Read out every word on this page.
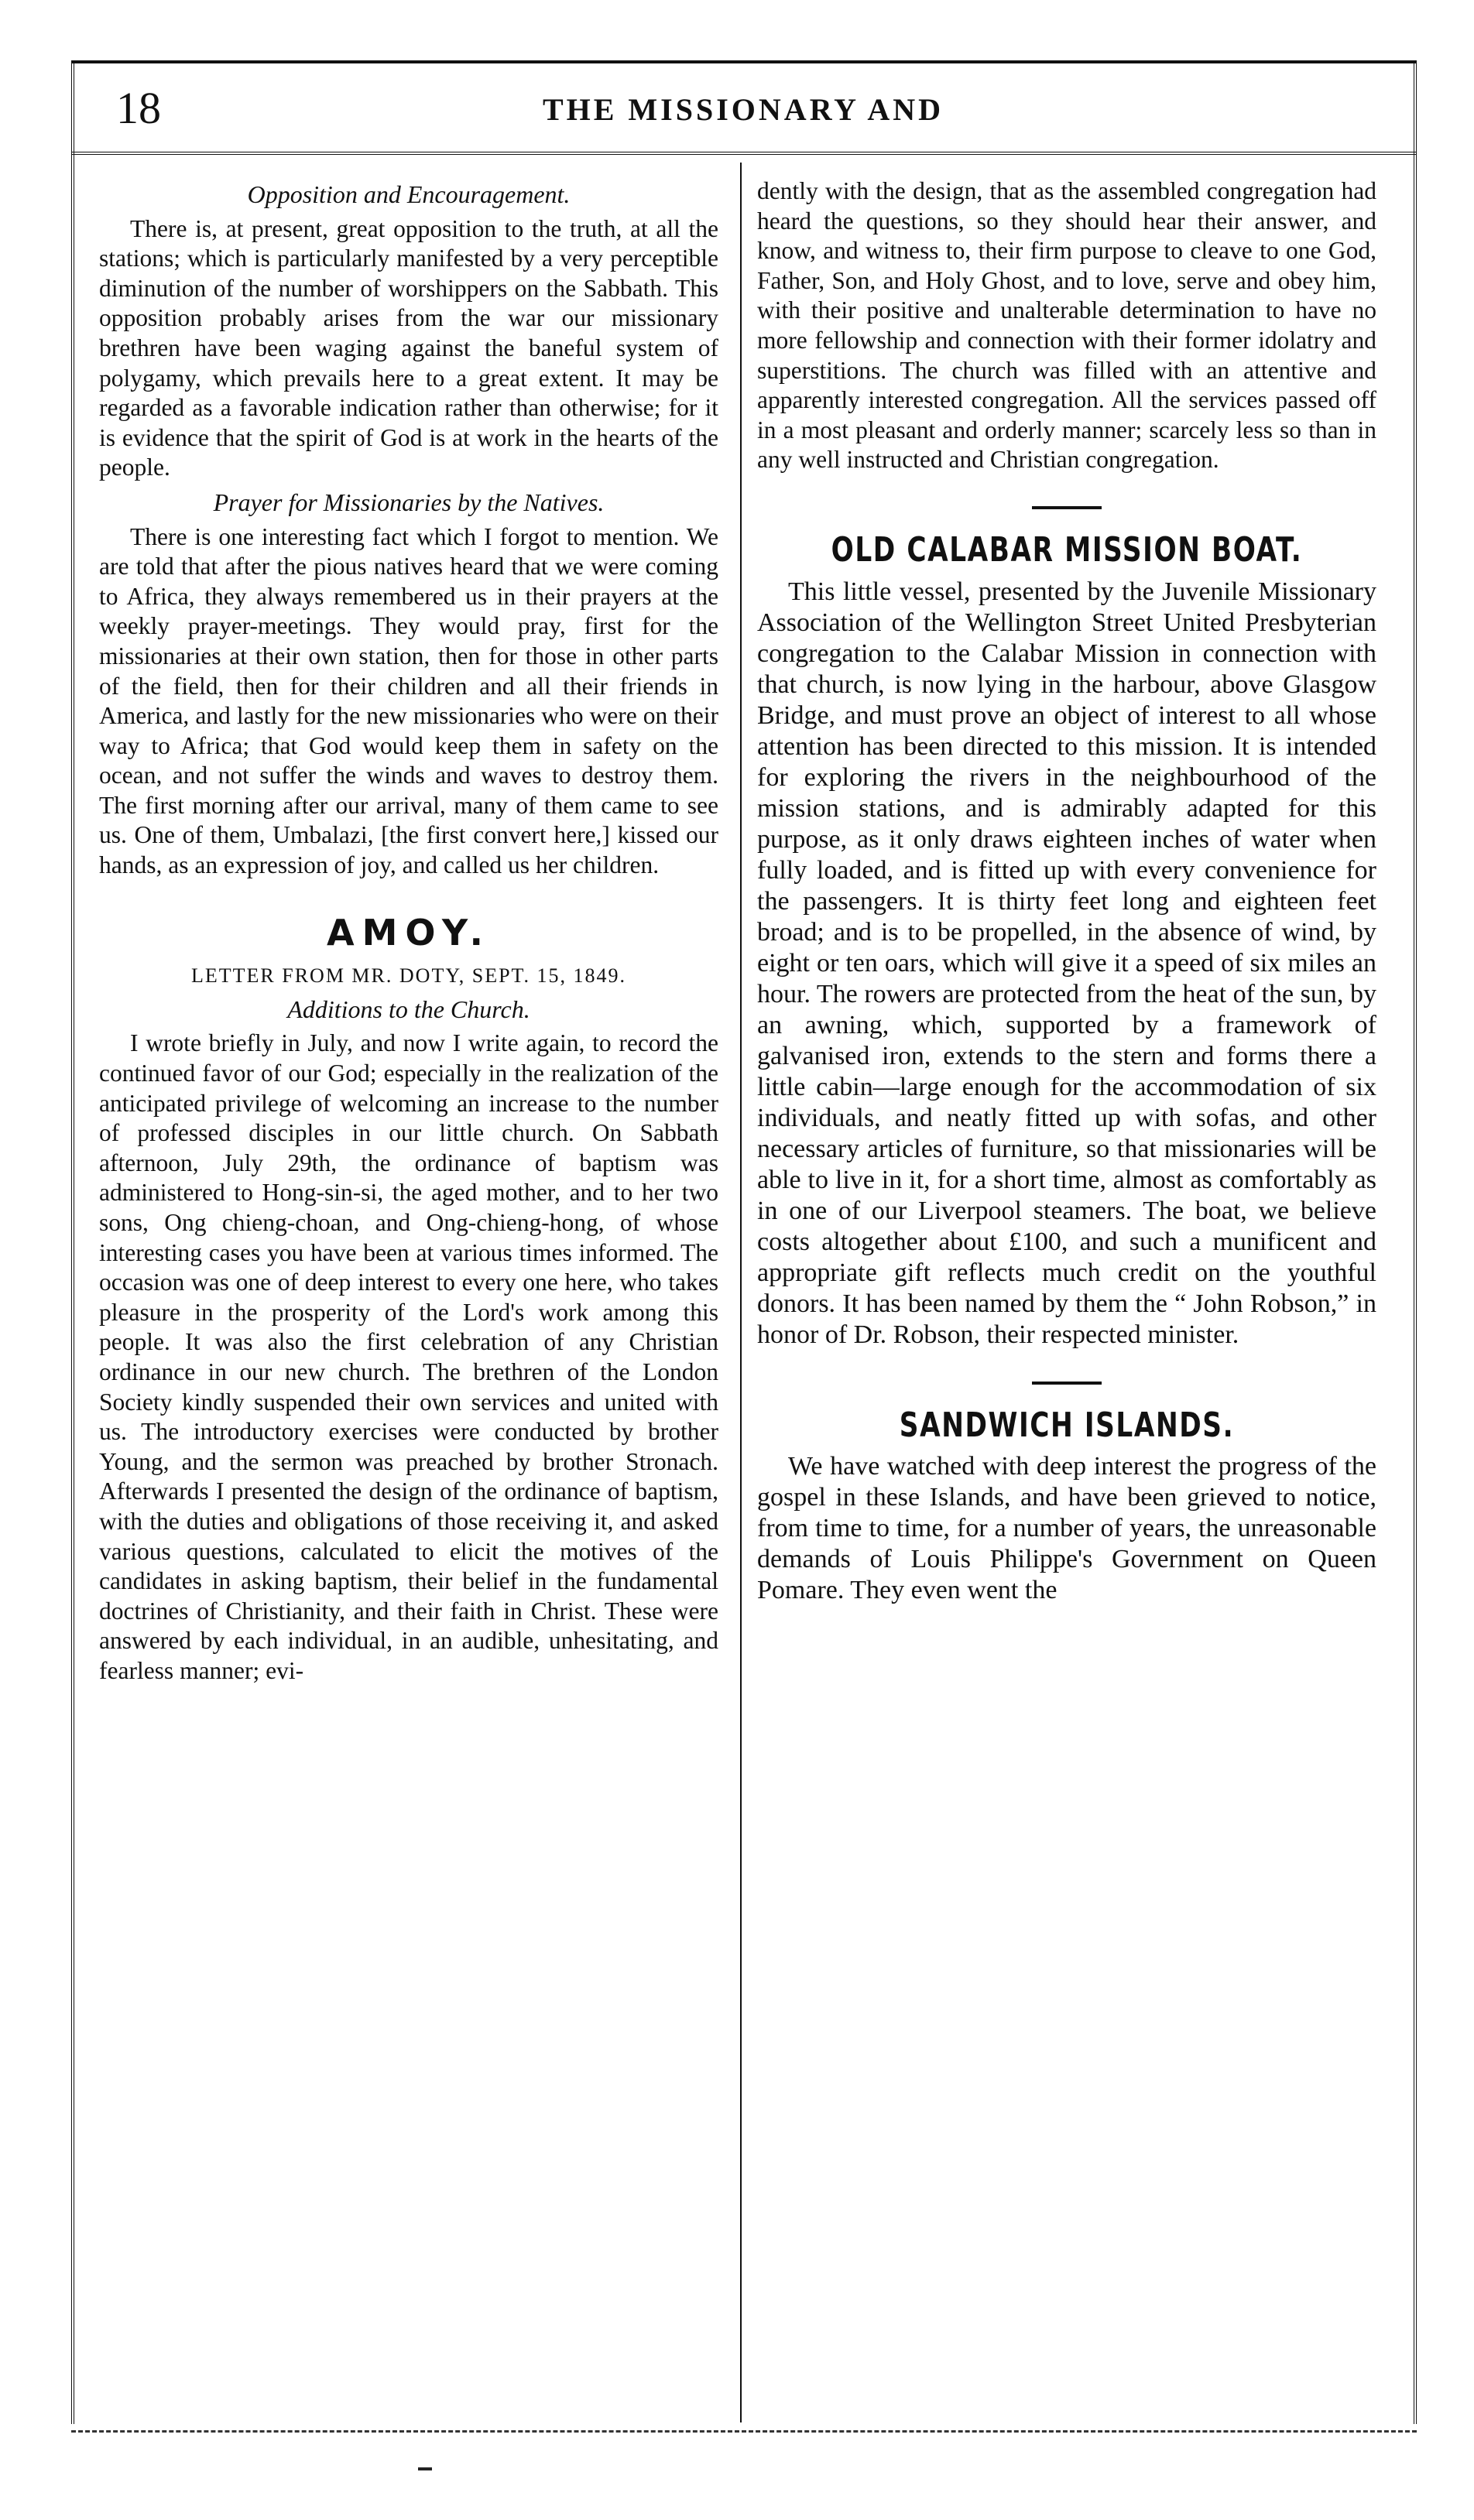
18	THE MISSIONARY AND
Opposition and Encouragement.

There is, at present, great opposition to the truth, at all the stations; which is particularly manifested by a very perceptible diminution of the number of worshippers on the Sabbath. This opposition probably arises from the war our missionary brethren have been waging against the baneful system of polygamy, which prevails here to a great extent. It may be regarded as a favorable indication rather than otherwise; for it is evidence that the spirit of God is at work in the hearts of the people.

Prayer for Missionaries by the Natives.

There is one interesting fact which I forgot to mention. We are told that after the pious natives heard that we were coming to Africa, they always remembered us in their prayers at the weekly prayer-meetings. They would pray, first for the missionaries at their own station, then for those in other parts of the field, then for their children and all their friends in America, and lastly for the new missionaries who were on their way to Africa; that God would keep them in safety on the ocean, and not suffer the winds and waves to destroy them. The first morning after our arrival, many of them came to see us. One of them, Umbalazi, [the first convert here,] kissed our hands, as an expression of joy, and called us her children.

AMOY.
LETTER FROM MR. DOTY, SEPT. 15, 1849.
Additions to the Church.

I wrote briefly in July, and now I write again, to record the continued favor of our God; especially in the realization of the anticipated privilege of welcoming an increase to the number of professed disciples in our little church. On Sabbath afternoon, July 29th, the ordinance of baptism was administered to Hong-sin-si, the aged mother, and to her two sons, Ong chieng-choan, and Ong-chieng-hong, of whose interesting cases you have been at various times informed. The occasion was one of deep interest to every one here, who takes pleasure in the prosperity of the Lord's work among this people. It was also the first celebration of any Christian ordinance in our new church. The brethren of the London Society kindly suspended their own services and united with us. The introductory exercises were conducted by brother Young, and the sermon was preached by brother Stronach. Afterwards I presented the design of the ordinance of baptism, with the duties and obligations of those receiving it, and asked various questions, calculated to elicit the motives of the candidates in asking baptism, their belief in the fundamental doctrines of Christianity, and their faith in Christ. These were answered by each individual, in an audible, unhesitating, and fearless manner; evi-

dently with the design, that as the assembled congregation had heard the questions, so they should hear their answer, and know, and witness to, their firm purpose to cleave to one God, Father, Son, and Holy Ghost, and to love, serve and obey him, with their positive and unalterable determination to have no more fellowship and connection with their former idolatry and superstitions. The church was filled with an attentive and apparently interested congregation. All the services passed off in a most pleasant and orderly manner; scarcely less so than in any well instructed and Christian congregation.

OLD CALABAR MISSION BOAT.

This little vessel, presented by the Juvenile Missionary Association of the Wellington Street United Presbyterian congregation to the Calabar Mission in connection with that church, is now lying in the harbour, above Glasgow Bridge, and must prove an object of interest to all whose attention has been directed to this mission. It is intended for exploring the rivers in the neighbourhood of the mission stations, and is admirably adapted for this purpose, as it only draws eighteen inches of water when fully loaded, and is fitted up with every convenience for the passengers. It is thirty feet long and eighteen feet broad; and is to be propelled, in the absence of wind, by eight or ten oars, which will give it a speed of six miles an hour. The rowers are protected from the heat of the sun, by an awning, which, supported by a framework of galvanised iron, extends to the stern and forms there a little cabin—large enough for the accommodation of six individuals, and neatly fitted up with sofas, and other necessary articles of furniture, so that missionaries will be able to live in it, for a short time, almost as comfortably as in one of our Liverpool steamers. The boat, we believe costs altogether about £100, and such a munificent and appropriate gift reflects much credit on the youthful donors. It has been named by them the “ John Robson,” in honor of Dr. Robson, their respected minister.

SANDWICH ISLANDS.

We have watched with deep interest the progress of the gospel in these Islands, and have been grieved to notice, from time to time, for a number of years, the unreasonable demands of Louis Philippe's Government on Queen Pomare. They even went the
